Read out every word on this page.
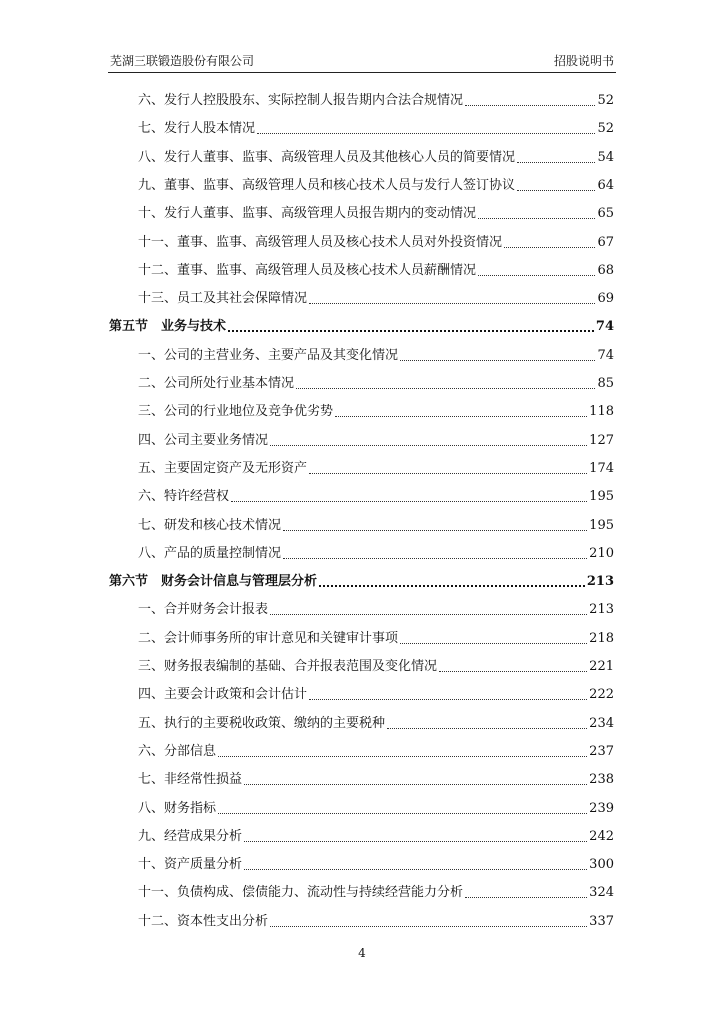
芜湖三联锻造股份有限公司	招股说明书
六、发行人控股股东、实际控制人报告期内合法合规情况	52
七、发行人股本情况	52
八、发行人董事、监事、高级管理人员及其他核心人员的简要情况	54
九、董事、监事、高级管理人员和核心技术人员与发行人签订协议	64
十、发行人董事、监事、高级管理人员报告期内的变动情况	65
十一、董事、监事、高级管理人员及核心技术人员对外投资情况	67
十二、董事、监事、高级管理人员及核心技术人员薪酬情况	68
十三、员工及其社会保障情况	69
第五节　业务与技术	74
一、公司的主营业务、主要产品及其变化情况	74
二、公司所处行业基本情况	85
三、公司的行业地位及竞争优劣势	118
四、公司主要业务情况	127
五、主要固定资产及无形资产	174
六、特许经营权	195
七、研发和核心技术情况	195
八、产品的质量控制情况	210
第六节　财务会计信息与管理层分析	213
一、合并财务会计报表	213
二、会计师事务所的审计意见和关键审计事项	218
三、财务报表编制的基础、合并报表范围及变化情况	221
四、主要会计政策和会计估计	222
五、执行的主要税收政策、缴纳的主要税种	234
六、分部信息	237
七、非经常性损益	238
八、财务指标	239
九、经营成果分析	242
十、资产质量分析	300
十一、负债构成、偿债能力、流动性与持续经营能力分析	324
十二、资本性支出分析	337
4
